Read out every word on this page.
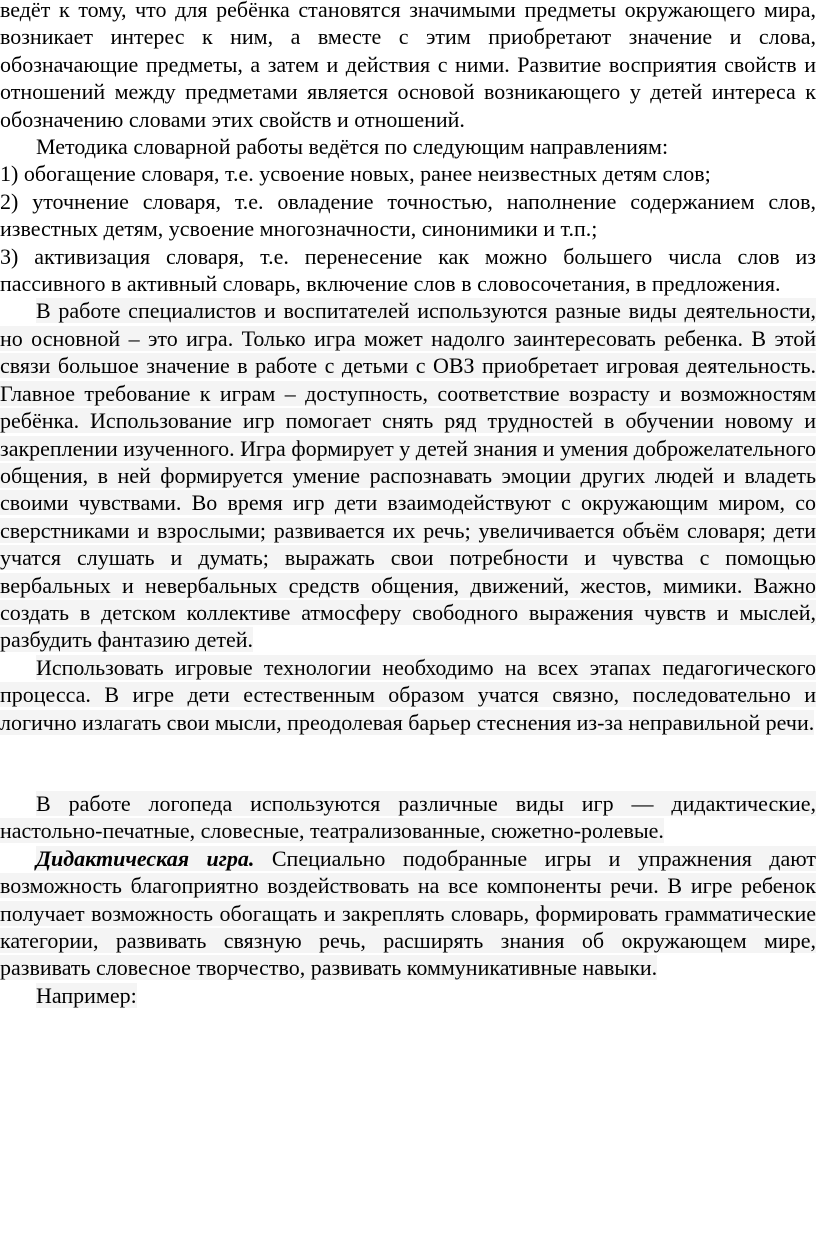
ведёт к тому, что для ребёнка становятся значимыми предметы окружающего мира, возникает интерес к ним, а вместе с этим приобретают значение и слова, обозначающие предметы, а затем и действия с ними. Развитие восприятия свойств и отношений между предметами является основой возникающего у детей интереса к обозначению словами этих свойств и отношений.

Методика словарной работы ведётся по следующим направлениям:

1) обогащение словаря, т.е. усвоение новых, ранее неизвестных детям слов;

2) уточнение словаря, т.е. овладение точностью, наполнение содержанием слов, известных детям, усвоение многозначности, синонимики и т.п.;

3) активизация словаря, т.е. перенесение как можно большего числа слов из пассивного в активный словарь, включение слов в словосочетания, в предложения.

В работе специалистов и воспитателей используются разные виды деятельности, но основной – это игра. Только игра может надолго заинтересовать ребенка. В этой связи большое значение в работе с детьми с ОВЗ приобретает игровая деятельность. Главное требование к играм – доступность, соответствие возрасту и возможностям ребёнка. Использование игр помогает снять ряд трудностей в обучении новому и закреплении изученного. Игра формирует у детей знания и умения доброжелательного общения, в ней формируется умение распознавать эмоции других людей и владеть своими чувствами. Во время игр дети взаимодействуют с окружающим миром, со сверстниками и взрослыми; развивается их речь; увеличивается объём словаря; дети учатся слушать и думать; выражать свои потребности и чувства с помощью вербальных и невербальных средств общения, движений, жестов, мимики. Важно создать в детском коллективе атмосферу свободного выражения чувств и мыслей, разбудить фантазию детей.

Использовать игровые технологии необходимо на всех этапах педагогического процесса. В игре дети естественным образом учатся связно, последовательно и логично излагать свои мысли, преодолевая барьер стеснения из-за неправильной речи.

В работе логопеда используются различные виды игр — дидактические, настольно-печатные, словесные, театрализованные, сюжетно-ролевые.

Дидактическая игра. Специально подобранные игры и упражнения дают возможность благоприятно воздействовать на все компоненты речи. В игре ребенок получает возможность обогащать и закреплять словарь, формировать грамматические категории, развивать связную речь, расширять знания об окружающем мире, развивать словесное творчество, развивать коммуникативные навыки.

Например:
